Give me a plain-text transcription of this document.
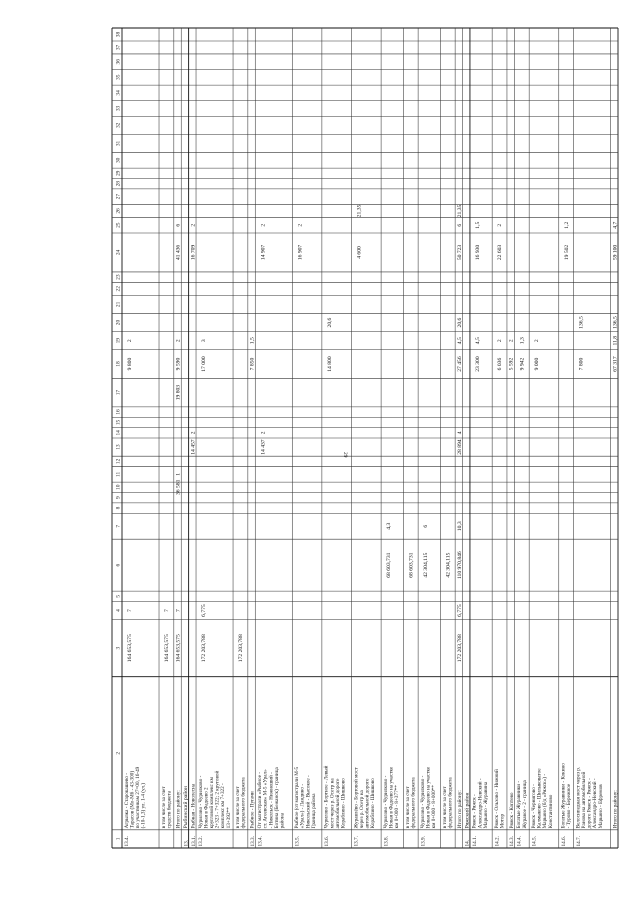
1
2
3
4
5
6
7
8
9
10
11
12
13
14
15
16
17
18
19
20
21
22
23
24
25
26
27
28
29
30
31
32
33
34
35
36
37
38
13.4.
Агрызка - Старокашево - Тарасов (Мо-Мб - 43-300) по участникам 27=00, 16-49 (-10-1,3) ул. 1-4 (ул.)
164 653,575
7
9 800
2
в том числе за счет средств бюджета
164 653,575
7
Итого по району:
164 653,575
7
36 581
1
19 803
9 590
2
41 436
6
13.
Рыбинский район
13.1.
Рыбная - Новолесна
14 457
2
16 709
2
13.2.
Чурилово - Чурилково - Новая в Фадеево 2 кругловой комплекс км 2+323 - 7+322; 2 круговой комплекс км 7+322 - 13+392**
172 203,788
6,775
17 000
3
в том числе за счет федерального бюджета
172 203,788
13.3.
Рыбное - Пугачи
7 850
1,5
13.4.
От магистрали «Рыбное - ст. Агеевская» М-5 «Урал» - Никольск - Нижнеший - Ботина (Бежанск) - граница района
14 437
2
14 907
2
13.5.
Рыбное (от магистрали М-5 «Урал») - Ландино - Никольский - Высокое - Граница района
16 907
2
13.6.
Чурилово - Бортное - Левый мост через р. Осетр на автомобильной дороге Кораблино - Шишково
14 800
20,6
13.7.
Журавлёво - Бортовой мост через р. Осетр на автомобильной дороге Кораблино - Шишково
4 600
21,35
13.8.
Чурилово - Чурилково - Новая в Фадеево на участке км 0+000 - 8+377**
68 603,731
4,3
в том числе за счет федерального бюджета
68 603,731
13.9.
Чурилово - Чурилково - Новая в Фадеево на участке км 0+000 - 8+000**
42 304,115
6
в том числе за счет федерального бюджета
42 304,115
Итого по району:
172 203,788
6,775
110 970,846
10,3
28 894
4
27 456
4,5
20,6
50 723
6
21,35
14.
Ряжский район
14.1.
Ряжск - Ряжск - Александро-Невский - Марьино - Журавина
23 300
4,5
16 930
1,5
14.2.
Ряжск - Ольхово - Нижний Мотор
6 036
2
22 603
2
14.3.
Ряжск - Коптево
5 592
2
14.4.
Богатые Журавники - Журавое - 2 - граница
9 942
1,3
14.5.
Ряжск - Чернигово - Калмыково - Шилыковатое Марьино (б/д «Ряжск») - Константиново
9 000
2
14.6.
Богатые Журавники - Кокино - Турово - Бережное
19 502
1,2
14.7.
Велосипедная мост через р. Ранова на автомобильной дороге Ряжск - Ряжск - Александро-Невский - Марьино - Ефремов
7 800
136,5
Итого по району:
67 317
11,8
136,5
59 100
4,7
29
